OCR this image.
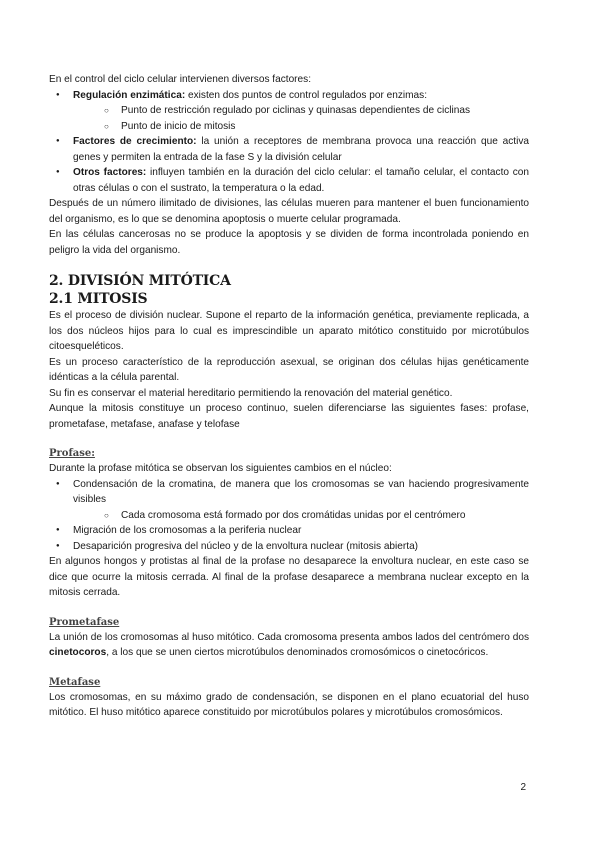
En el control del ciclo celular intervienen diversos factores:

● Regulación enzimática: existen dos puntos de control regulados por enzimas:
○ Punto de restricción regulado por ciclinas y quinasas dependientes de ciclinas
○ Punto de inicio de mitosis
● Factores de crecimiento: la unión a receptores de membrana provoca una reacción que activa genes y permiten la entrada de la fase S y la división celular
● Otros factores: influyen también en la duración del ciclo celular: el tamaño celular, el contacto con otras células o con el sustrato, la temperatura o la edad.

Después de un número ilimitado de divisiones, las células mueren para mantener el buen funcionamiento del organismo, es lo que se denomina apoptosis o muerte celular programada.

En las células cancerosas no se produce la apoptosis y se dividen de forma incontrolada poniendo en peligro la vida del organismo.

2. DIVISIÓN MITÓTICA
2.1 MITOSIS

Es el proceso de división nuclear. Supone el reparto de la información genética, previamente replicada, a los dos núcleos hijos para lo cual es imprescindible un aparato mitótico constituido por microtúbulos citoesqueléticos.

Es un proceso característico de la reproducción asexual, se originan dos células hijas genéticamente idénticas a la célula parental.

Su fin es conservar el material hereditario permitiendo la renovación del material genético.

Aunque la mitosis constituye un proceso continuo, suelen diferenciarse las siguientes fases: profase, prometafase, metafase, anafase y telofase

Profase:

Durante la profase mitótica se observan los siguientes cambios en el núcleo:

● Condensación de la cromatina, de manera que los cromosomas se van haciendo progresivamente visibles
○ Cada cromosoma está formado por dos cromátidas unidas por el centrómero
● Migración de los cromosomas a la periferia nuclear
● Desaparición progresiva del núcleo y de la envoltura nuclear (mitosis abierta)

En algunos hongos y protistas al final de la profase no desaparece la envoltura nuclear, en este caso se dice que ocurre la mitosis cerrada. Al final de la profase desaparece a membrana nuclear excepto en la mitosis cerrada.

Prometafase

La unión de los cromosomas al huso mitótico. Cada cromosoma presenta ambos lados del centrómero dos cinetocoros, a los que se unen ciertos microtúbulos denominados cromosómicos o cinetocóricos.

Metafase

Los cromosomas, en su máximo grado de condensación, se disponen en el plano ecuatorial del huso mitótico. El huso mitótico aparece constituido por microtúbulos polares y microtúbulos cromosómicos.

2
